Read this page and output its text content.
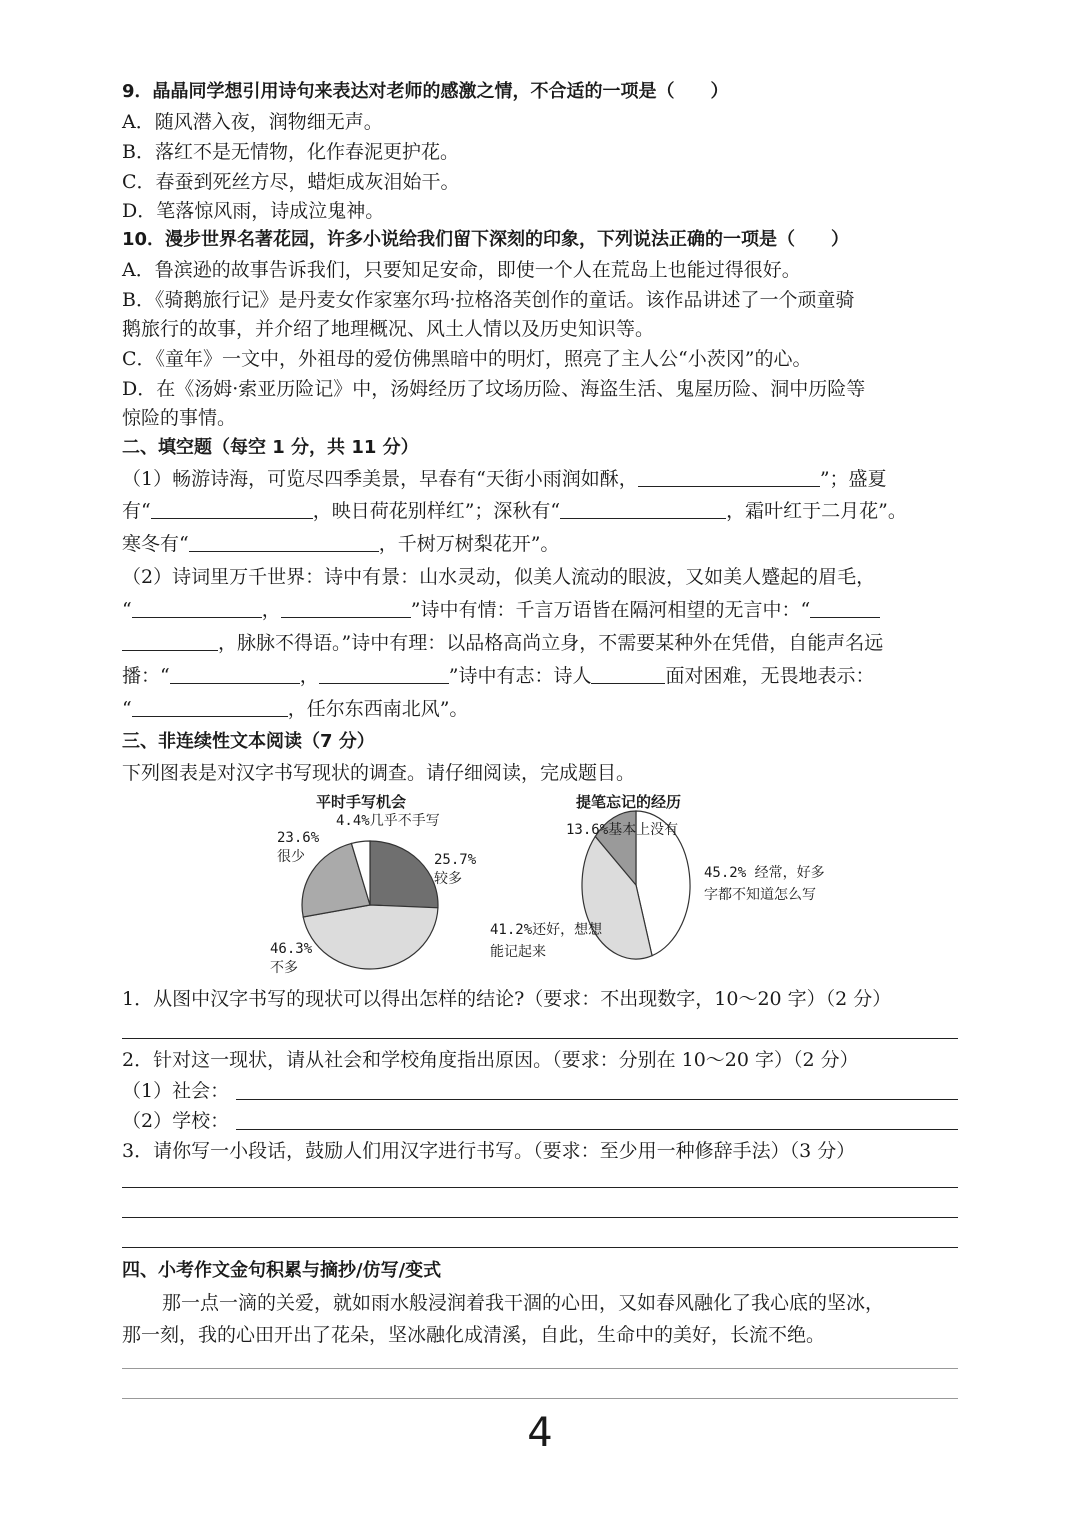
9．晶晶同学想引用诗句来表达对老师的感激之情，不合适的一项是（　　）
A．随风潜入夜，润物细无声。
B．落红不是无情物，化作春泥更护花。
C．春蚕到死丝方尽，蜡炬成灰泪始干。
D．笔落惊风雨，诗成泣鬼神。
10．漫步世界名著花园，许多小说给我们留下深刻的印象，下列说法正确的一项是（　　）
A．鲁滨逊的故事告诉我们，只要知足安命，即使一个人在荒岛上也能过得很好。
B．《骑鹅旅行记》是丹麦女作家塞尔玛·拉格洛芙创作的童话。该作品讲述了一个顽童骑
鹅旅行的故事，并介绍了地理概况、风土人情以及历史知识等。
C．《童年》一文中，外祖母的爱仿佛黑暗中的明灯，照亮了主人公“小茨冈”的心。
D．在《汤姆·索亚历险记》中，汤姆经历了坟场历险、海盗生活、鬼屋历险、洞中历险等
惊险的事情。
二、填空题（每空 1 分，共 11 分）
（1）畅游诗海，可览尽四季美景，早春有“天街小雨润如酥，	”；盛夏
有“	，映日荷花别样红”；深秋有“	，霜叶红于二月花”。
寒冬有“	，千树万树梨花开”。
（2）诗词里万千世界：诗中有景：山水灵动，似美人流动的眼波，又如美人蹙起的眉毛，
“	，	”诗中有情：千言万语皆在隔河相望的无言中：“
，脉脉不得语。”诗中有理：以品格高尚立身，不需要某种外在凭借，自能声名远
播：“	，	”诗中有志：诗人	面对困难，无畏地表示：
“	，任尔东西南北风”。
三、非连续性文本阅读（7 分）
下列图表是对汉字书写现状的调查。请仔细阅读，完成题目。
平时手写机会
4.4%几乎不手写
23.6%
很少	25.7%
较多
46.3%
不多
提笔忘记的经历
13.6%基本上没有
45.2% 经常，好多字都不知道怎么写
41.2%还好，想想能记起来
1．从图中汉字书写的现状可以得出怎样的结论?（要求：不出现数字，10～20 字）（2 分）
2．针对这一现状，请从社会和学校角度指出原因。（要求：分别在 10～20 字）（2 分）
（1）社会：
（2）学校：
3．请你写一小段话，鼓励人们用汉字进行书写。（要求：至少用一种修辞手法）（3 分）
四、小考作文金句积累与摘抄/仿写/变式
那一点一滴的关爱，就如雨水般浸润着我干涸的心田，又如春风融化了我心底的坚冰，
那一刻，我的心田开出了花朵，坚冰融化成清溪，自此，生命中的美好，长流不绝。
4
